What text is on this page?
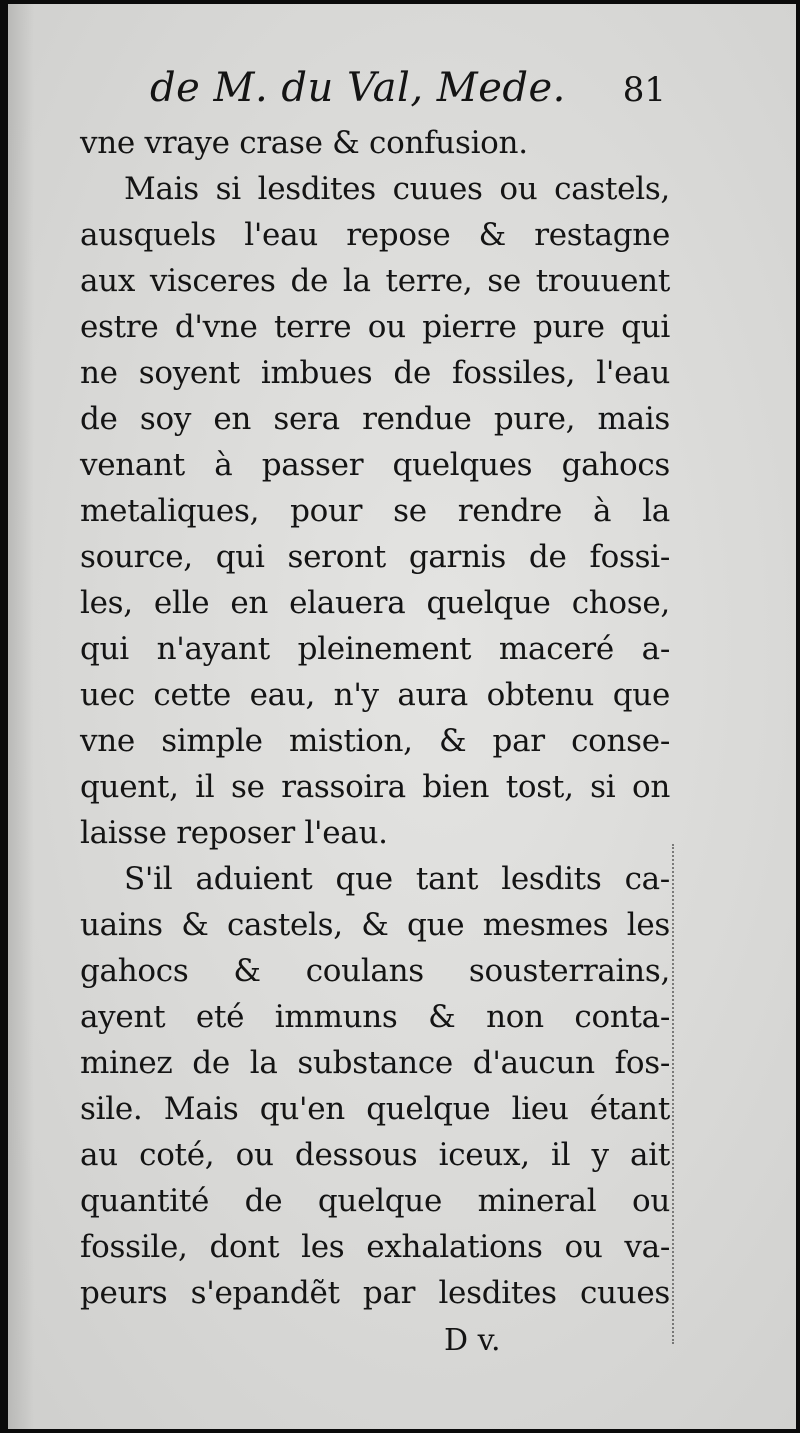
de M. du Val, Mede. 81
vne vraye crase & confusion.
Mais si lesdites cuues ou castels,
ausquels l'eau repose & restagne
aux visceres de la terre, se trouuent
estre d'vne terre ou pierre pure qui
ne soyent imbues de fossiles, l'eau
de soy en sera rendue pure, mais
venant à passer quelques gahocs
metaliques, pour se rendre à la
source, qui seront garnis de fossi-
les, elle en elauera quelque chose,
qui n'ayant pleinement maceré a-
uec cette eau, n'y aura obtenu que
vne simple mistion, & par conse-
quent, il se rassoira bien tost, si on
laisse reposer l'eau.
S'il aduient que tant lesdits ca-
uains & castels, & que mesmes les
gahocs & coulans sousterrains,
ayent eté immuns & non conta-
minez de la substance d'aucun fos-
sile. Mais qu'en quelque lieu étant
au coté, ou dessous iceux, il y ait
quantité de quelque mineral ou
fossile, dont les exhalations ou va-
peurs s'epandẽt par lesdites cuues
D v.
